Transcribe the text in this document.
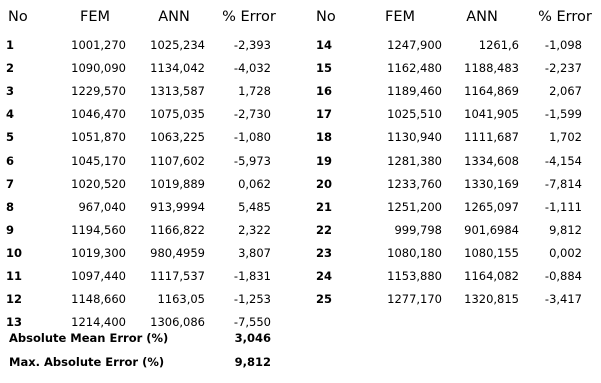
No	FEM	ANN % Error	No	FEM	ANN	% Error
1	1001,270 1025,234	-2,393	14	1247,900	1261,6 -1,098
2	1090,090 1134,042	-4,032	15	1162,480 1188,483 -2,237
3	1229,570 1313,587	1,728	16	1189,460 1164,869	2,067
4	1046,470 1075,035	-2,730	17	1025,510 1041,905 -1,599
5	1051,870 1063,225	-1,080	18	1130,940 1111,687	1,702
6	1045,170 1107,602	-5,973	19	1281,380 1334,608 -4,154
7	1020,520 1019,889	0,062	20	1233,760 1330,169 -7,814
8	967,040 913,9994	5,485	21	1251,200 1265,097 -1,111
9	1194,560 1166,822	2,322	22	999,798 901,6984	9,812
10	1019,300 980,4959	3,807	23	1080,180 1080,155	0,002
11	1097,440 1117,537	-1,831	24	1153,880 1164,082 -0,884
12	1148,660	1163,05	-1,253	25	1277,170 1320,815 -3,417
13	1214,400 1306,086	-7,550
Absolute Mean Error (%)	3,046
Max. Absolute Error (%)	9,812
